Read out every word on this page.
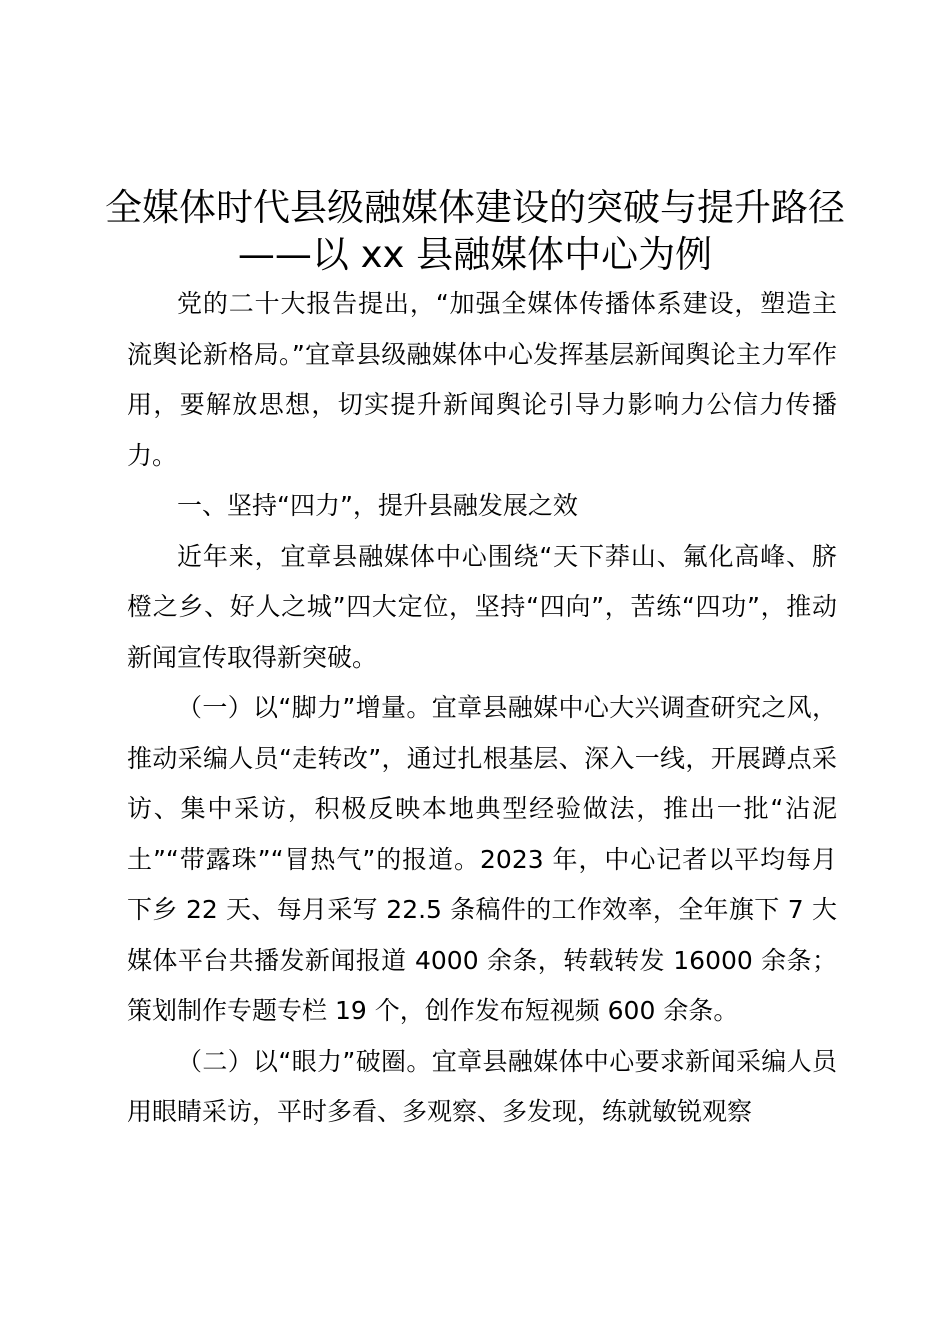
全媒体时代县级融媒体建设的突破与提升路径
——以 xx 县融媒体中心为例

党的二十大报告提出，“加强全媒体传播体系建设，塑造主流舆论新格局。”宜章县级融媒体中心发挥基层新闻舆论主力军作用，要解放思想，切实提升新闻舆论引导力影响力公信力传播力。

一、坚持“四力”，提升县融发展之效

近年来，宜章县融媒体中心围绕“天下莽山、氟化高峰、脐橙之乡、好人之城”四大定位，坚持“四向”，苦练“四功”，推动新闻宣传取得新突破。

（一）以“脚力”增量。宜章县融媒中心大兴调查研究之风，推动采编人员“走转改”，通过扎根基层、深入一线，开展蹲点采访、集中采访，积极反映本地典型经验做法，推出一批“沾泥土”“带露珠”“冒热气”的报道。2023 年，中心记者以平均每月下乡 22 天、每月采写 22.5 条稿件的工作效率，全年旗下 7 大媒体平台共播发新闻报道 4000 余条，转载转发 16000 余条；策划制作专题专栏 19 个，创作发布短视频 600 余条。

（二）以“眼力”破圈。宜章县融媒体中心要求新闻采编人员用眼睛采访，平时多看、多观察、多发现，练就敏锐观察
